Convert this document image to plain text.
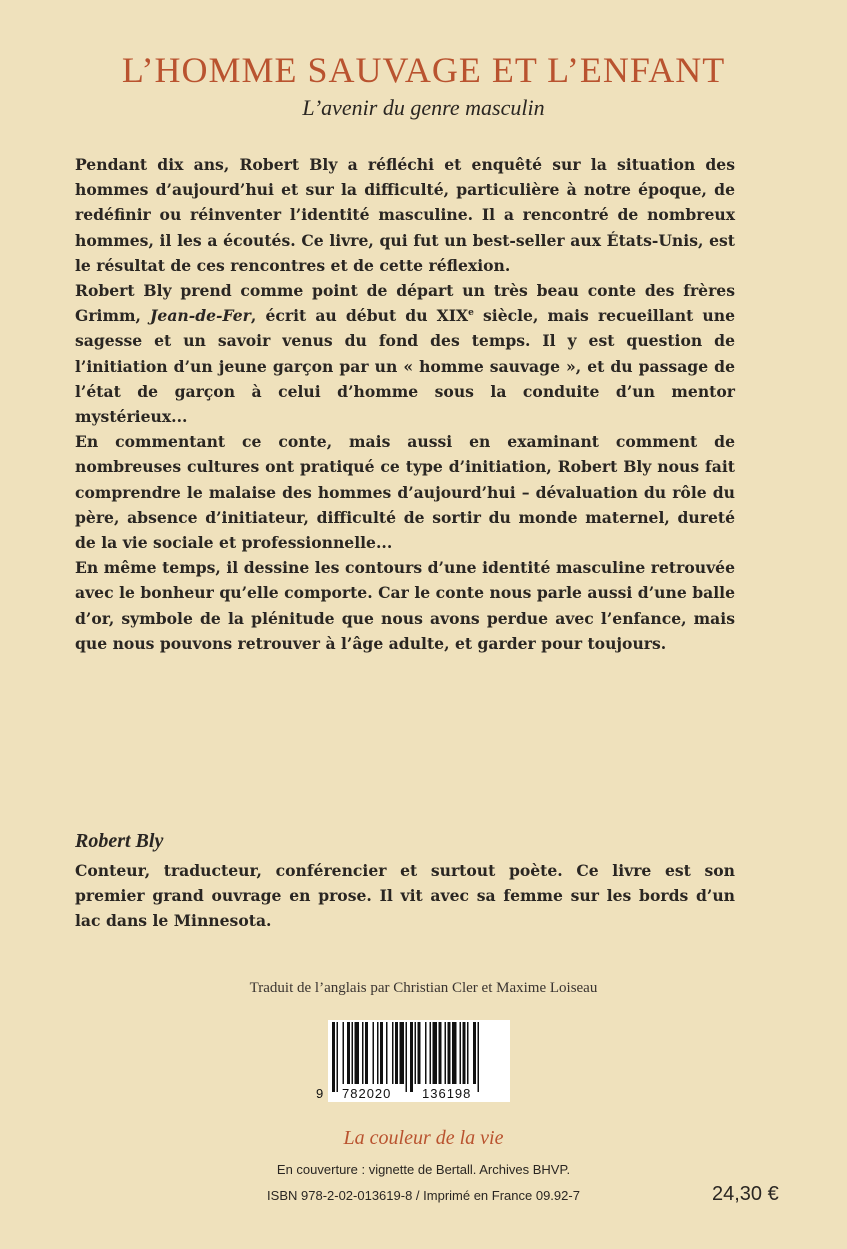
L’HOMME SAUVAGE ET L’ENFANT
L’avenir du genre masculin

Pendant dix ans, Robert Bly a réfléchi et enquêté sur la situation des hommes d’aujourd’hui et sur la difficulté, particulière à notre époque, de redéfinir ou réinventer l’identité masculine. Il a rencontré de nombreux hommes, il les a écoutés. Ce livre, qui fut un best-seller aux États-Unis, est le résultat de ces rencontres et de cette réflexion.

Robert Bly prend comme point de départ un très beau conte des frères Grimm, Jean-de-Fer, écrit au début du XIXe siècle, mais recueillant une sagesse et un savoir venus du fond des temps. Il y est question de l’initiation d’un jeune garçon par un « homme sauvage », et du passage de l’état de garçon à celui d’homme sous la conduite d’un mentor mystérieux...

En commentant ce conte, mais aussi en examinant comment de nombreuses cultures ont pratiqué ce type d’initiation, Robert Bly nous fait comprendre le malaise des hommes d’aujourd’hui – dévaluation du rôle du père, absence d’initiateur, difficulté de sortir du monde maternel, dureté de la vie sociale et professionnelle...

En même temps, il dessine les contours d’une identité masculine retrouvée avec le bonheur qu’elle comporte. Car le conte nous parle aussi d’une balle d’or, symbole de la plénitude que nous avons perdue avec l’enfance, mais que nous pouvons retrouver à l’âge adulte, et garder pour toujours.

Robert Bly

Conteur, traducteur, conférencier et surtout poète. Ce livre est son premier grand ouvrage en prose. Il vit avec sa femme sur les bords d’un lac dans le Minnesota.

Traduit de l’anglais par Christian Cler et Maxime Loiseau
9 782020 136198
La couleur de la vie
En couverture : vignette de Bertall. Archives BHVP.
ISBN 978-2-02-013619-8 / Imprimé en France 09.92-7	24,30 €
